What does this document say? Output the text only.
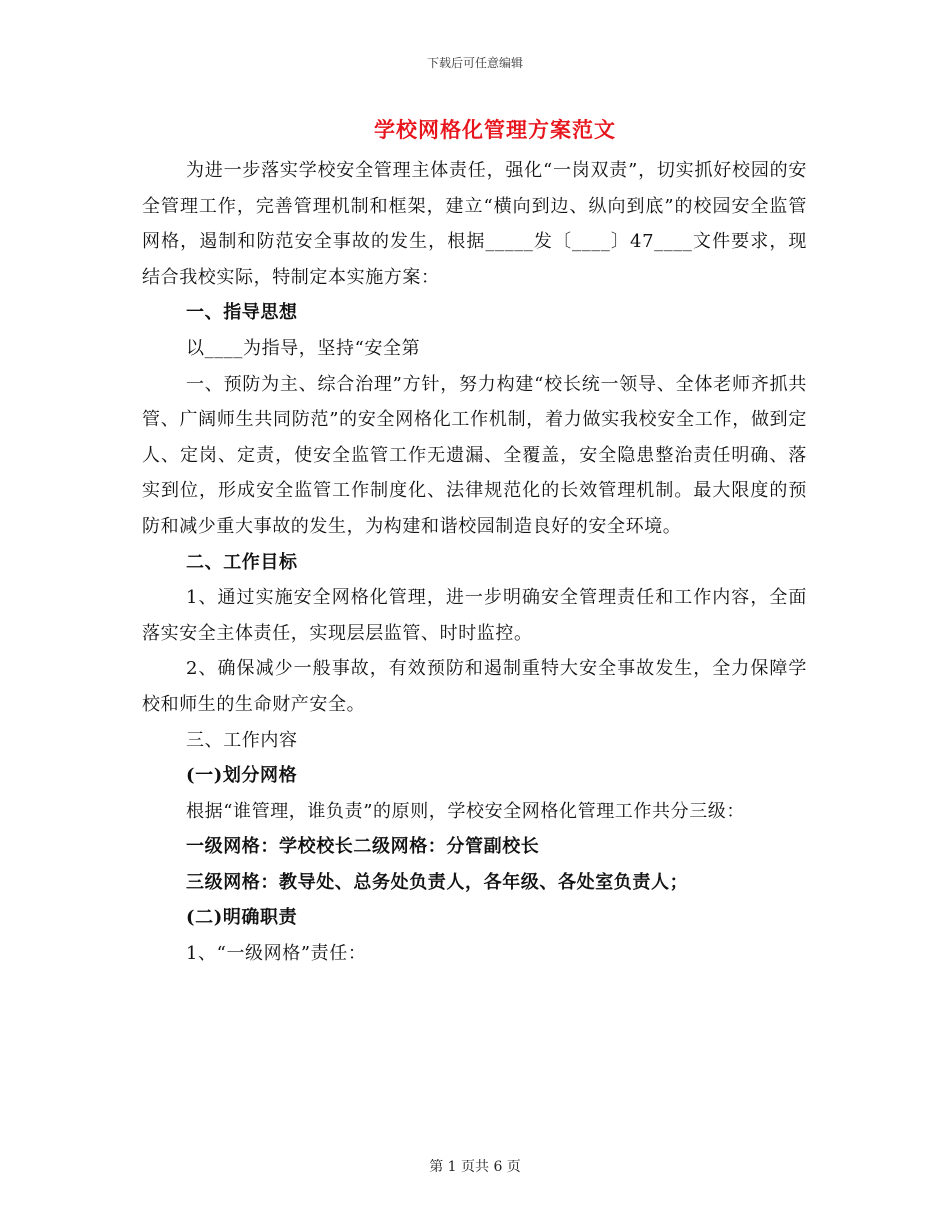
下载后可任意编辑
学校网格化管理方案范文

为进一步落实学校安全管理主体责任，强化“一岗双责”，切实抓好校园的安全管理工作，完善管理机制和框架，建立“横向到边、纵向到底”的校园安全监管网格，遏制和防范安全事故的发生，根据_____发〔____〕47____文件要求，现结合我校实际，特制定本实施方案：

一、指导思想

以____为指导，坚持“安全第

一、预防为主、综合治理”方针，努力构建“校长统一领导、全体老师齐抓共管、广阔师生共同防范”的安全网格化工作机制，着力做实我校安全工作，做到定人、定岗、定责，使安全监管工作无遗漏、全覆盖，安全隐患整治责任明确、落实到位，形成安全监管工作制度化、法律规范化的长效管理机制。最大限度的预防和减少重大事故的发生，为构建和谐校园制造良好的安全环境。

二、工作目标

1、通过实施安全网格化管理，进一步明确安全管理责任和工作内容，全面落实安全主体责任，实现层层监管、时时监控。

2、确保减少一般事故，有效预防和遏制重特大安全事故发生，全力保障学校和师生的生命财产安全。

三、工作内容

(一)划分网格

根据“谁管理，谁负责”的原则，学校安全网格化管理工作共分三级：

一级网格：学校校长二级网格：分管副校长

三级网格：教导处、总务处负责人，各年级、各处室负责人；

(二)明确职责

1、“一级网格”责任：

第 1 页共 6 页
